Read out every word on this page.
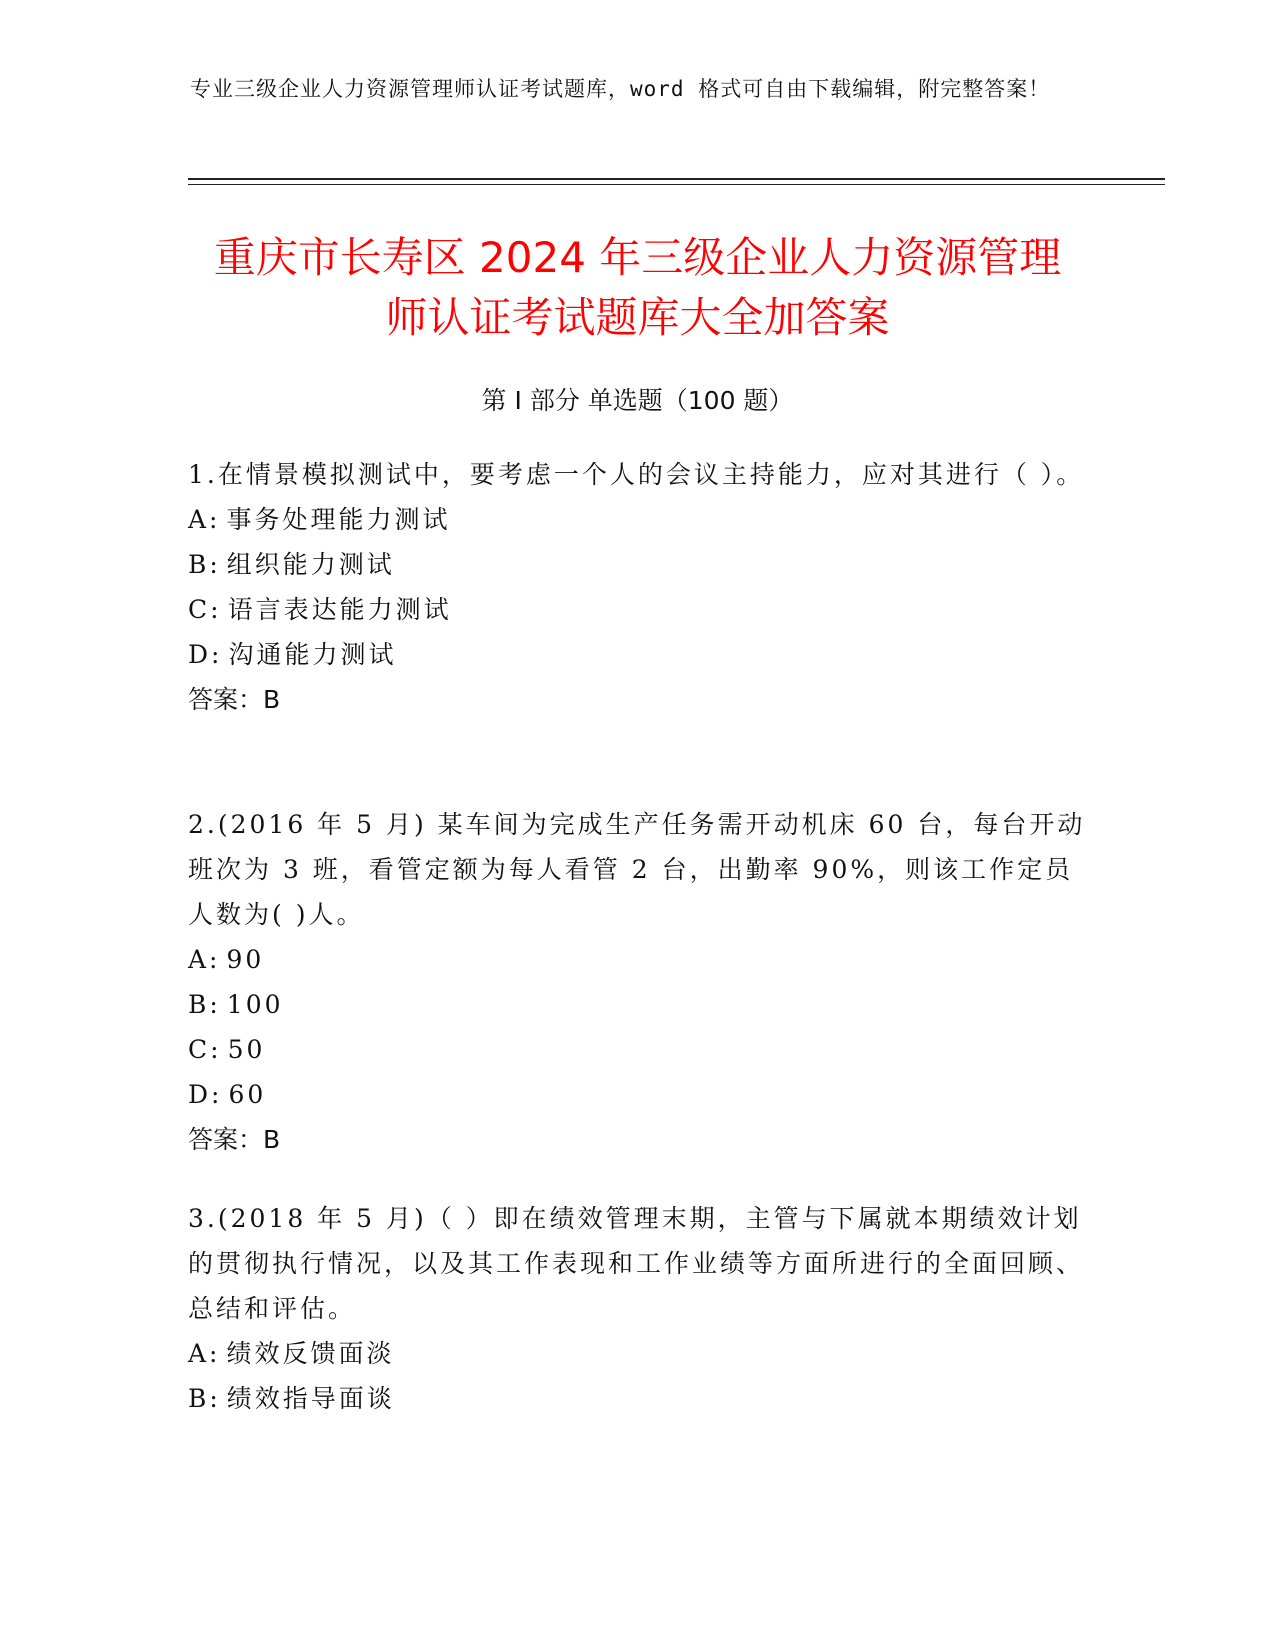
专业三级企业人力资源管理师认证考试题库，word 格式可自由下载编辑，附完整答案！
重庆市长寿区 2024 年三级企业人力资源管理
师认证考试题库大全加答案
第 I 部分 单选题（100 题）

1.在情景模拟测试中，要考虑一个人的会议主持能力，应对其进行（ ）。

A: 事务处理能力测试

B: 组织能力测试

C: 语言表达能力测试

D: 沟通能力测试

答案：B

2.(2016 年 5 月) 某车间为完成生产任务需开动机床 60 台，每台开动班次为 3 班，看管定额为每人看管 2 台，出勤率 90%，则该工作定员人数为( )人。

A: 90

B: 100

C: 50

D: 60

答案：B

3.(2018 年 5 月)（ ）即在绩效管理末期，主管与下属就本期绩效计划的贯彻执行情况，以及其工作表现和工作业绩等方面所进行的全面回顾、总结和评估。

A: 绩效反馈面淡

B: 绩效指导面谈
